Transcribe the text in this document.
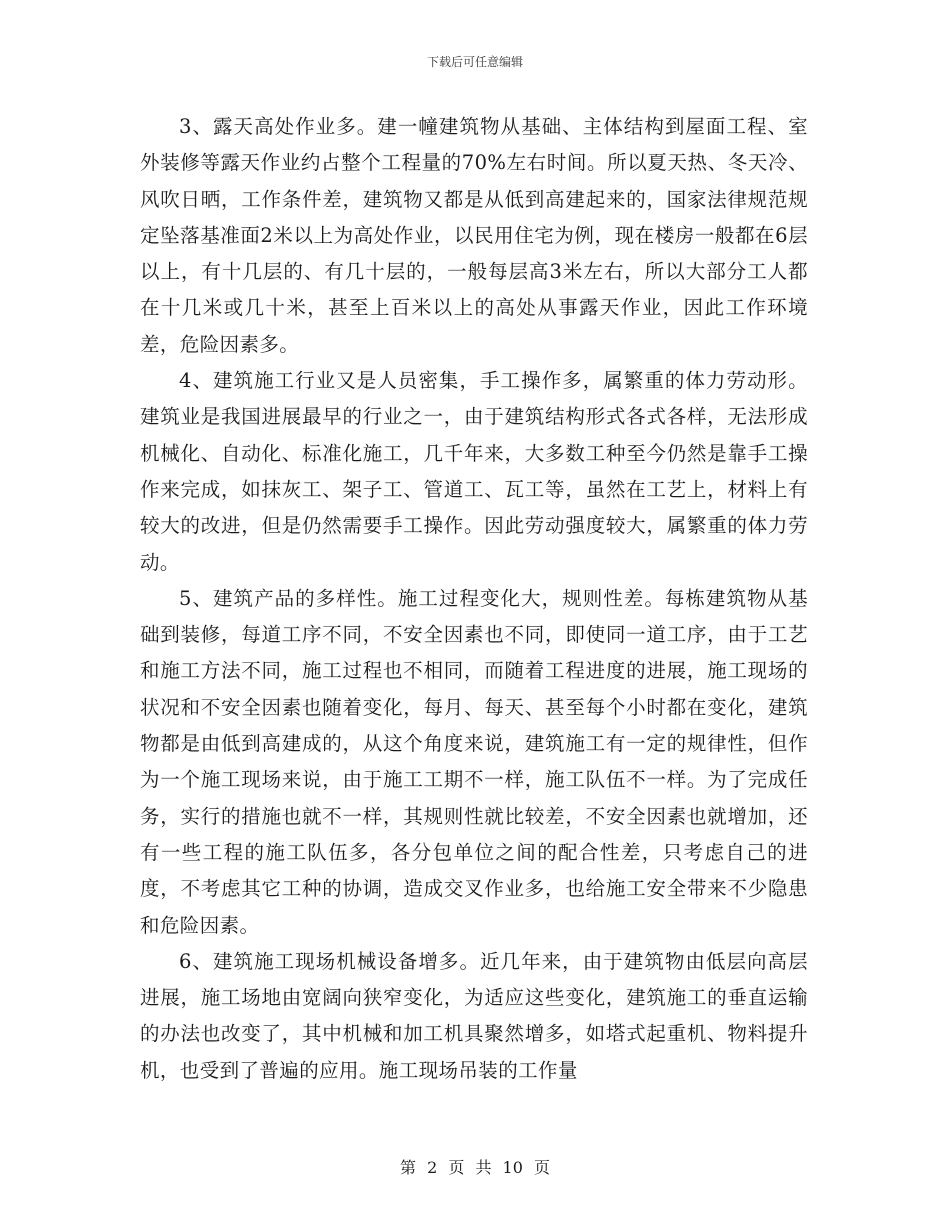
下载后可任意编辑

3、露天高处作业多。建一幢建筑物从基础、主体结构到屋面工程、室外装修等露天作业约占整个工程量的70%左右时间。所以夏天热、冬天冷、风吹日晒，工作条件差，建筑物又都是从低到高建起来的，国家法律规范规定坠落基准面2米以上为高处作业，以民用住宅为例，现在楼房一般都在6层以上，有十几层的、有几十层的，一般每层高3米左右，所以大部分工人都在十几米或几十米，甚至上百米以上的高处从事露天作业，因此工作环境差，危险因素多。

4、建筑施工行业又是人员密集，手工操作多，属繁重的体力劳动形。建筑业是我国进展最早的行业之一，由于建筑结构形式各式各样，无法形成机械化、自动化、标准化施工，几千年来，大多数工种至今仍然是靠手工操作来完成，如抹灰工、架子工、管道工、瓦工等，虽然在工艺上，材料上有较大的改进，但是仍然需要手工操作。因此劳动强度较大，属繁重的体力劳动。

5、建筑产品的多样性。施工过程变化大，规则性差。每栋建筑物从基础到装修，每道工序不同，不安全因素也不同，即使同一道工序，由于工艺和施工方法不同，施工过程也不相同，而随着工程进度的进展，施工现场的状况和不安全因素也随着变化，每月、每天、甚至每个小时都在变化，建筑物都是由低到高建成的，从这个角度来说，建筑施工有一定的规律性，但作为一个施工现场来说，由于施工工期不一样，施工队伍不一样。为了完成任务，实行的措施也就不一样，其规则性就比较差，不安全因素也就增加，还有一些工程的施工队伍多，各分包单位之间的配合性差，只考虑自己的进度，不考虑其它工种的协调，造成交叉作业多，也给施工安全带来不少隐患和危险因素。

6、建筑施工现场机械设备增多。近几年来，由于建筑物由低层向高层进展，施工场地由宽阔向狭窄变化，为适应这些变化，建筑施工的垂直运输的办法也改变了，其中机械和加工机具聚然增多，如塔式起重机、物料提升机，也受到了普遍的应用。施工现场吊装的工作量

第 2 页 共 10 页
